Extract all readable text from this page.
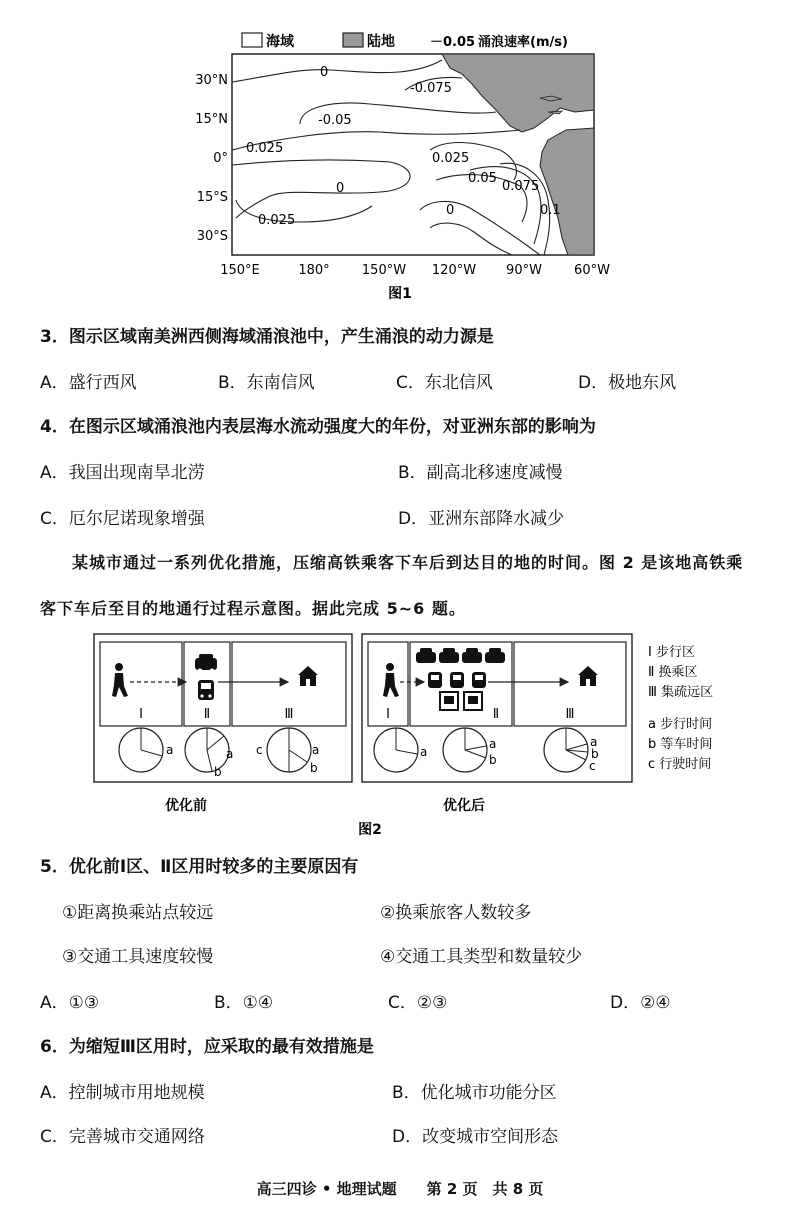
海域	陆地	－0.05 涌浪速率(m/s)
0
-0.075
-0.05
0.025
0.025
0.05
0.075
0
0
0.025
0.1
30°N
15°N
0°
15°S
30°S
150°E	180° 150°W 120°W 90°W 60°W
图1
3．图示区域南美洲西侧海域涌浪池中，产生涌浪的动力源是
A．盛行西风	B．东南信风	C．东北信风	D．极地东风
4．在图示区域涌浪池内表层海水流动强度大的年份，对亚洲东部的影响为
A．我国出现南旱北涝	B．副高北移速度减慢
C．厄尔尼诺现象增强	D．亚洲东部降水减少
某城市通过一系列优化措施，压缩高铁乘客下车后到达目的地的时间。图 2 是该地高铁乘
客下车后至目的地通行过程示意图。据此完成 5~6 题。
Ⅰ	Ⅱ	Ⅲ
a	a
b
c	a
b
Ⅰ	Ⅱ	Ⅲ
a
a
b
a
b
c
Ⅰ 步行区
Ⅱ 换乘区
Ⅲ 集疏远区
a 步行时间
b 等车时间
c 行驶时间
优化前	优化后
图2
5．优化前Ⅰ区、Ⅱ区用时较多的主要原因有
①距离换乘站点较远	②换乘旅客人数较多
③交通工具速度较慢	④交通工具类型和数量较少
A．①③	B．①④	C．②③	D．②④
6．为缩短Ⅲ区用时，应采取的最有效措施是
A．控制城市用地规模	B．优化城市功能分区
C．完善城市交通网络	D．改变城市空间形态
高三四诊 • 地理试题　　第 2 页　共 8 页
